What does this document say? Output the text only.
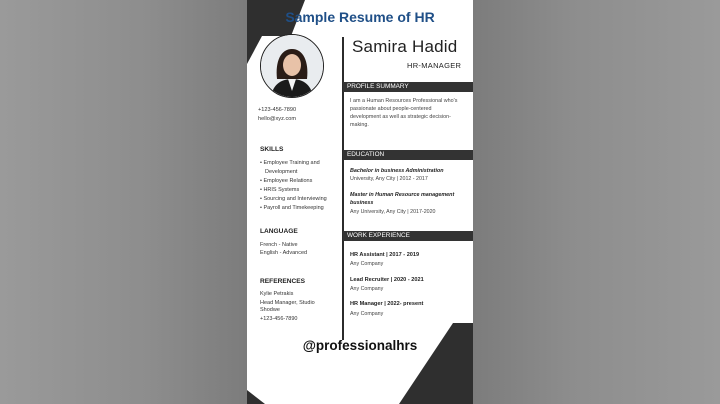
Sample Resume of HR
Samira Hadid
HR-MANAGER
+123-456-7890
hello@xyz.com
SKILLS
• Employee Training and
Development
• Employee Relations
• HRIS Systems
• Sourcing and Interviewing
• Payroll and Timekeeping
LANGUAGE
French - Native
English - Advanced
REFERENCES
Kylie Petrakis
Head Manager, Studio
Shodwe
+123-456-7890
PROFILE SUMMARY
I am a Human Resources Professional who's passionate about people-centered development as well as strategic decision-making.
EDUCATION
Bachelor in business Administration
University, Any City | 2012 - 2017
Master in Human Resource management business
Any University, Any City | 2017-2020
WORK EXPERIENCE
HR Assistant | 2017 - 2019
Any Company
Lead Recruiter | 2020 - 2021
Any Company
HR Manager | 2022- present
Any Company
@professionalhrs
